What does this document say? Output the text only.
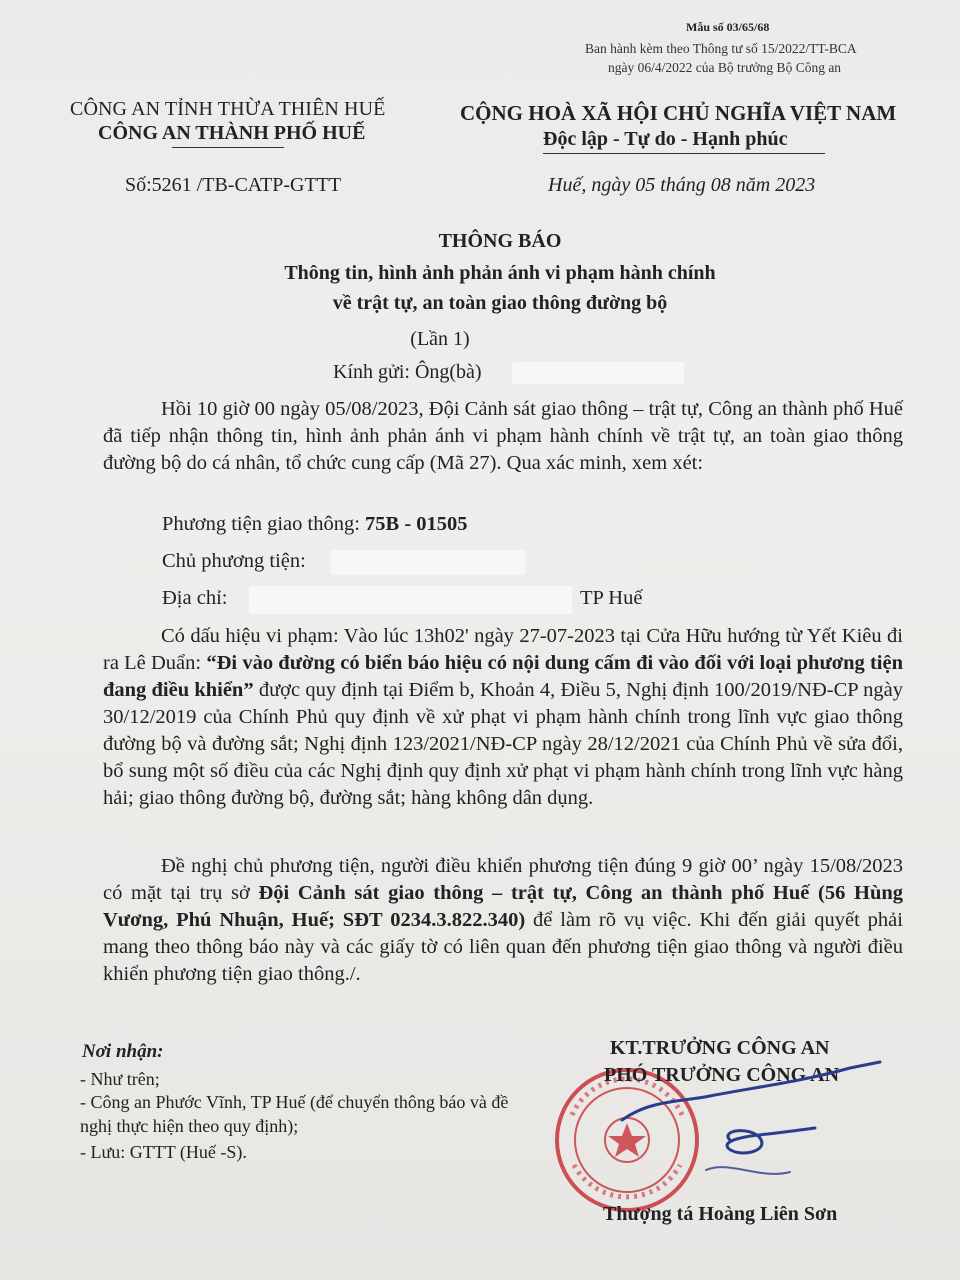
Mẫu số 03/65/68
Ban hành kèm theo Thông tư số 15/2022/TT-BCA
ngày 06/4/2022 của Bộ trưởng Bộ Công an
CÔNG AN TỈNH THỪA THIÊN HUẾ
CÔNG AN THÀNH PHỐ HUẾ
CỘNG HOÀ XÃ HỘI CHỦ NGHĨA VIỆT NAM
Độc lập - Tự do - Hạnh phúc
Số:5261 /TB-CATP-GTTT	Huế, ngày 05 tháng 08 năm 2023
THÔNG BÁO
Thông tin, hình ảnh phản ánh vi phạm hành chính
về trật tự, an toàn giao thông đường bộ
(Lần 1)
Kính gửi: Ông(bà)
Hồi 10 giờ 00 ngày 05/08/2023, Đội Cảnh sát giao thông – trật tự, Công an thành phố Huế đã tiếp nhận thông tin, hình ảnh phản ánh vi phạm hành chính về trật tự, an toàn giao thông đường bộ do cá nhân, tổ chức cung cấp (Mã 27). Qua xác minh, xem xét:
Phương tiện giao thông: 75B - 01505
Chủ phương tiện:
Địa chỉ:	TP Huế
Có dấu hiệu vi phạm: Vào lúc 13h02' ngày 27-07-2023 tại Cửa Hữu hướng từ Yết Kiêu đi ra Lê Duẩn: “Đi vào đường có biển báo hiệu có nội dung cấm đi vào đối với loại phương tiện đang điều khiển” được quy định tại Điểm b, Khoản 4, Điều 5, Nghị định 100/2019/NĐ-CP ngày 30/12/2019 của Chính Phủ quy định về xử phạt vi phạm hành chính trong lĩnh vực giao thông đường bộ và đường sắt; Nghị định 123/2021/NĐ-CP ngày 28/12/2021 của Chính Phủ về sửa đổi, bổ sung một số điều của các Nghị định quy định xử phạt vi phạm hành chính trong lĩnh vực hàng hải; giao thông đường bộ, đường sắt; hàng không dân dụng.
Đề nghị chủ phương tiện, người điều khiển phương tiện đúng 9 giờ 00’ ngày 15/08/2023 có mặt tại trụ sở Đội Cảnh sát giao thông – trật tự, Công an thành phố Huế (56 Hùng Vương, Phú Nhuận, Huế; SĐT 0234.3.822.340) để làm rõ vụ việc. Khi đến giải quyết phải mang theo thông báo này và các giấy tờ có liên quan đến phương tiện giao thông và người điều khiển phương tiện giao thông./.
Nơi nhận:
- Như trên;
- Công an Phước Vĩnh, TP Huế (để chuyển thông báo và đề nghị thực hiện theo quy định);
- Lưu: GTTT (Huế -S).
KT.TRƯỞNG CÔNG AN
PHÓ TRƯỞNG CÔNG AN
Thượng tá Hoàng Liên Sơn
